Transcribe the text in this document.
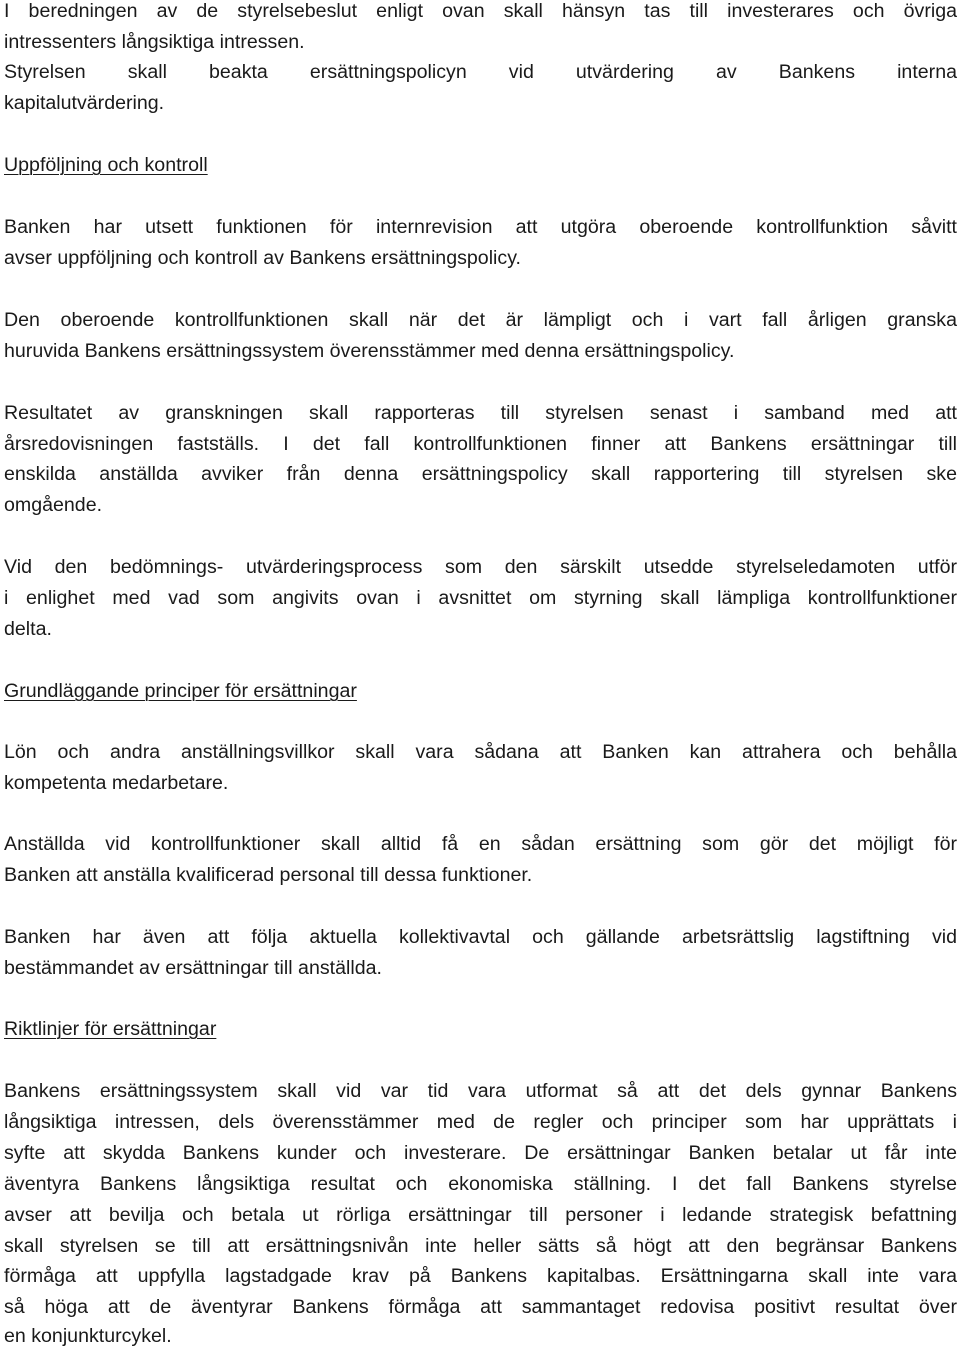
I beredningen av de styrelsebeslut enligt ovan skall hänsyn tas till investerares och övriga
intressenters långsiktiga intressen.
Styrelsen skall beakta ersättningspolicyn vid utvärdering av Bankens interna
kapitalutvärdering.
Uppföljning och kontroll
Banken har utsett funktionen för internrevision att utgöra oberoende kontrollfunktion såvitt
avser uppföljning och kontroll av Bankens ersättningspolicy.
Den oberoende kontrollfunktionen skall när det är lämpligt och i vart fall årligen granska
huruvida Bankens ersättningssystem överensstämmer med denna ersättningspolicy.
Resultatet av granskningen skall rapporteras till styrelsen senast i samband med att
årsredovisningen fastställs. I det fall kontrollfunktionen finner att Bankens ersättningar till
enskilda anställda avviker från denna ersättningspolicy skall rapportering till styrelsen ske
omgående.
Vid den bedömnings- utvärderingsprocess som den särskilt utsedde styrelseledamoten utför
i enlighet med vad som angivits ovan i avsnittet om styrning skall lämpliga kontrollfunktioner
delta.
Grundläggande principer för ersättningar
Lön och andra anställningsvillkor skall vara sådana att Banken kan attrahera och behålla
kompetenta medarbetare.
Anställda vid kontrollfunktioner skall alltid få en sådan ersättning som gör det möjligt för
Banken att anställa kvalificerad personal till dessa funktioner.
Banken har även att följa aktuella kollektivavtal och gällande arbetsrättslig lagstiftning vid
bestämmandet av ersättningar till anställda.
Riktlinjer för ersättningar
Bankens ersättningssystem skall vid var tid vara utformat så att det dels gynnar Bankens
långsiktiga intressen, dels överensstämmer med de regler och principer som har upprättats i
syfte att skydda Bankens kunder och investerare. De ersättningar Banken betalar ut får inte
äventyra Bankens långsiktiga resultat och ekonomiska ställning. I det fall Bankens styrelse
avser att bevilja och betala ut rörliga ersättningar till personer i ledande strategisk befattning
skall styrelsen se till att ersättningsnivån inte heller sätts så högt att den begränsar Bankens
förmåga att uppfylla lagstadgade krav på Bankens kapitalbas. Ersättningarna skall inte vara
så höga att de äventyrar Bankens förmåga att sammantaget redovisa positivt resultat över
en konjunkturcykel.
